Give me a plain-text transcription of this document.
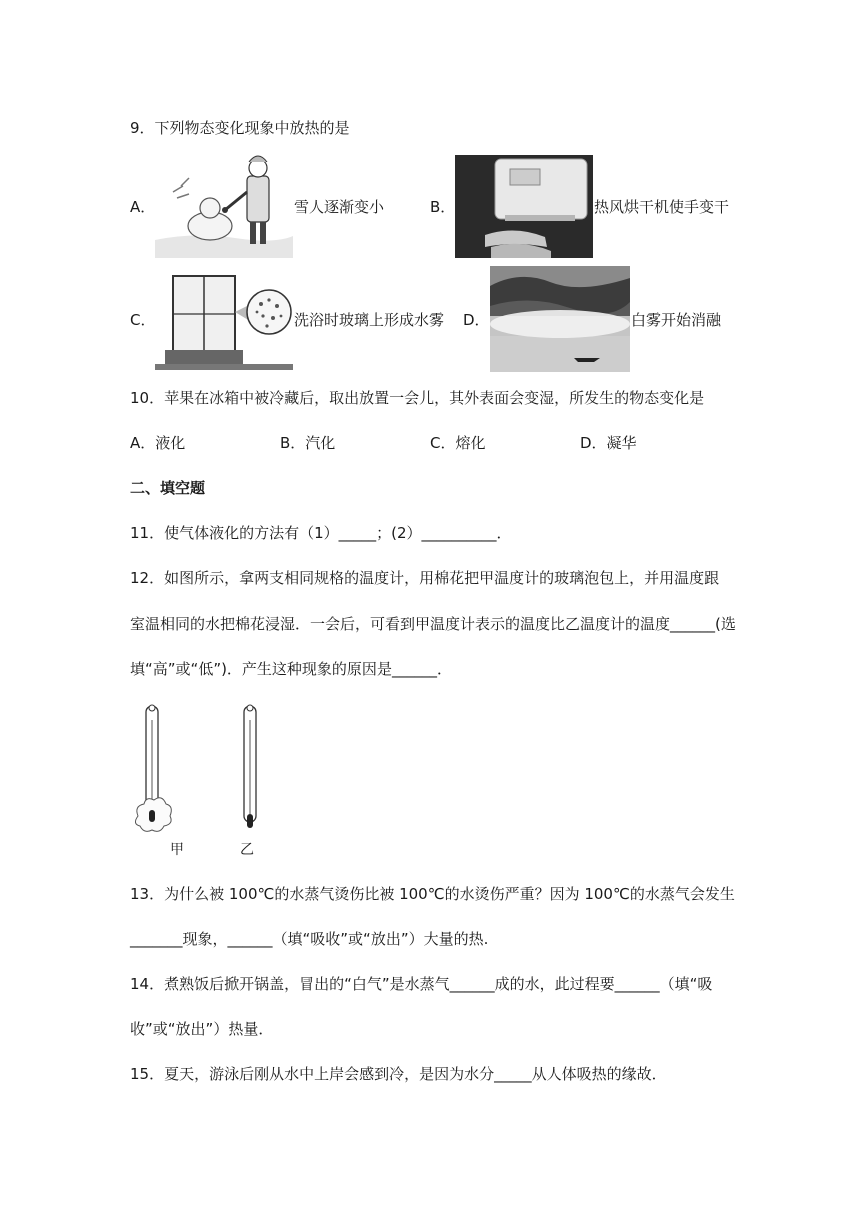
9．下列物态变化现象中放热的是
A．	雪人逐渐变小	B．	热风烘干机使手变干
C．	洗浴时玻璃上形成水雾 D．	白雾开始消融
10．苹果在冰箱中被冷藏后，取出放置一会儿，其外表面会变湿，所发生的物态变化是
A．液化	B．汽化	C．熔化	D．凝华
二、填空题
11．使气体液化的方法有（1）_____；(2）__________．
12．如图所示，拿两支相同规格的温度计，用棉花把甲温度计的玻璃泡包上，并用温度跟
室温相同的水把棉花浸湿．一会后，可看到甲温度计表示的温度比乙温度计的温度______(选
填“高”或“低”)．产生这种现象的原因是______．
甲	乙
13．为什么被 100℃的水蒸气烫伤比被 100℃的水烫伤严重？因为 100℃的水蒸气会发生
_______现象，______（填“吸收”或“放出”）大量的热.
14．煮熟饭后掀开锅盖，冒出的“白气”是水蒸气______成的水，此过程要______（填“吸
收”或“放出”）热量．
15．夏天，游泳后刚从水中上岸会感到冷，是因为水分_____从人体吸热的缘故．
